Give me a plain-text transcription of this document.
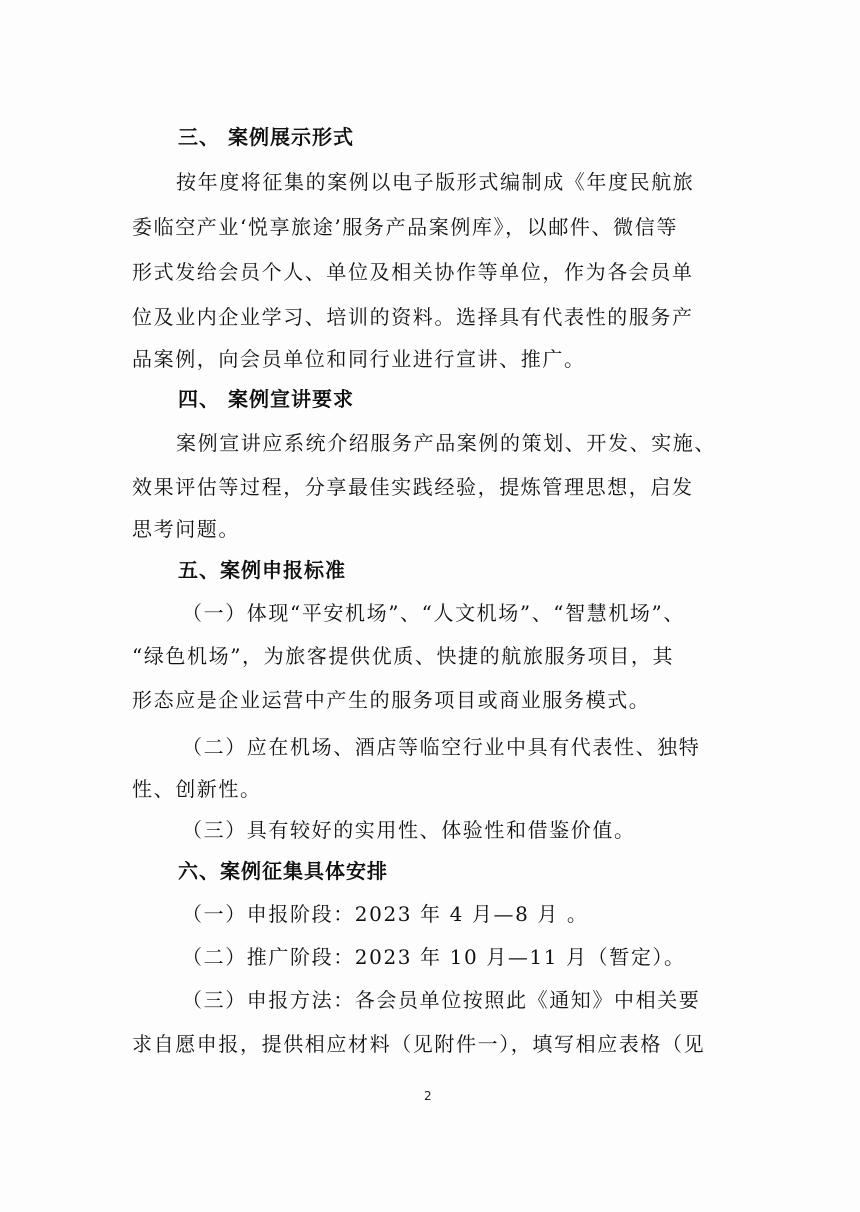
三、 案例展示形式
按年度将征集的案例以电子版形式编制成《年度民航旅
委临空产业‘悦享旅途’服务产品案例库》，以邮件、微信等
形式发给会员个人、单位及相关协作等单位，作为各会员单
位及业内企业学习、培训的资料。选择具有代表性的服务产
品案例，向会员单位和同行业进行宣讲、推广。
四、 案例宣讲要求
案例宣讲应系统介绍服务产品案例的策划、开发、实施、
效果评估等过程，分享最佳实践经验，提炼管理思想，启发
思考问题。
五、案例申报标准
（一）体现“平安机场”、“人文机场”、“智慧机场”、
“绿色机场”，为旅客提供优质、快捷的航旅服务项目，其
形态应是企业运营中产生的服务项目或商业服务模式。
（二）应在机场、酒店等临空行业中具有代表性、独特
性、创新性。
（三）具有较好的实用性、体验性和借鉴价值。
六、案例征集具体安排
（一）申报阶段：2023 年 4 月—8 月 。
（二）推广阶段：2023 年 10 月—11 月（暂定）。
（三）申报方法：各会员单位按照此《通知》中相关要
求自愿申报，提供相应材料（见附件一），填写相应表格（见
2
